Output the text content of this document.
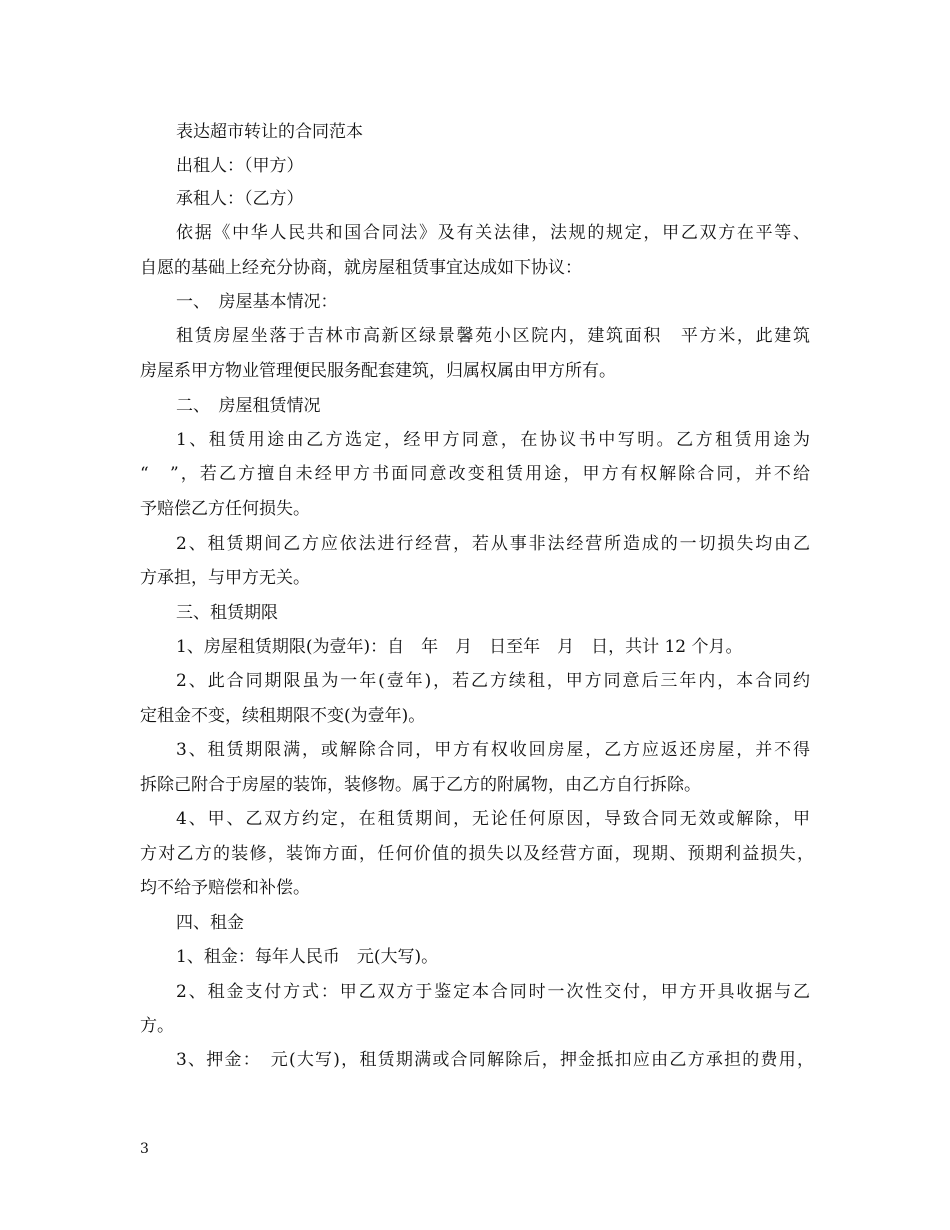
表达超市转让的合同范本
出租人：（甲方）
承租人：（乙方）
依据《中华人民共和国合同法》及有关法律，法规的规定，甲乙双方在平等、
自愿的基础上经充分协商，就房屋租赁事宜达成如下协议：
一、　房屋基本情况：
租赁房屋坐落于吉林市高新区绿景馨苑小区院内，建筑面积　平方米，此建筑
房屋系甲方物业管理便民服务配套建筑，归属权属由甲方所有。
二、　房屋租赁情况
1、租赁用途由乙方选定，经甲方同意，在协议书中写明。乙方租赁用途为
“　”，若乙方擅自未经甲方书面同意改变租赁用途，甲方有权解除合同，并不给
予赔偿乙方任何损失。
2、租赁期间乙方应依法进行经营，若从事非法经营所造成的一切损失均由乙
方承担，与甲方无关。
三、租赁期限
1、房屋租赁期限(为壹年)：自　年　月　日至年　月　日，共计 12 个月。
2、此合同期限虽为一年(壹年)，若乙方续租，甲方同意后三年内，本合同约
定租金不变，续租期限不变(为壹年)。
3、租赁期限满，或解除合同，甲方有权收回房屋，乙方应返还房屋，并不得
拆除己附合于房屋的装饰，装修物。属于乙方的附属物，由乙方自行拆除。
4、甲、乙双方约定，在租赁期间，无论任何原因，导致合同无效或解除，甲
方对乙方的装修，装饰方面，任何价值的损失以及经营方面，现期、预期利益损失，
均不给予赔偿和补偿。
四、租金
1、租金：每年人民币　元(大写)。
2、租金支付方式：甲乙双方于鉴定本合同时一次性交付，甲方开具收据与乙
方。
3、押金：　元(大写)，租赁期满或合同解除后，押金抵扣应由乙方承担的费用，
3
